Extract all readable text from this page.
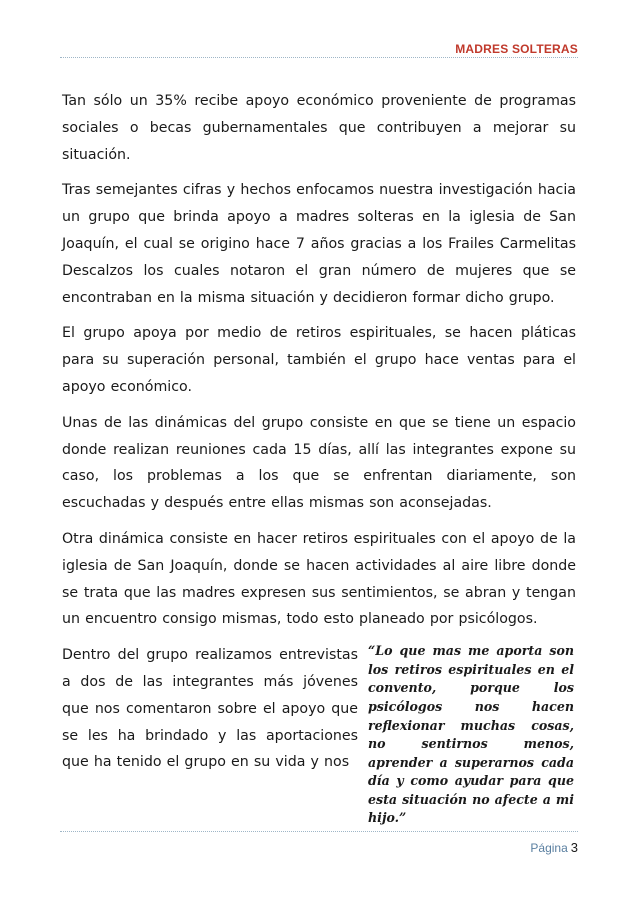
MADRES SOLTERAS

Tan sólo un 35% recibe apoyo económico proveniente de programas sociales o becas gubernamentales que contribuyen a mejorar su situación.

Tras semejantes cifras y hechos enfocamos nuestra investigación hacia un grupo que brinda apoyo a madres solteras en la iglesia de San Joaquín, el cual se origino hace 7 años gracias a los Frailes Carmelitas Descalzos los cuales notaron el gran número de mujeres que se encontraban en la misma situación y decidieron formar dicho grupo.

El grupo apoya por medio de retiros espirituales, se hacen pláticas para su superación personal, también el grupo hace ventas para el apoyo económico.

Unas de las dinámicas del grupo consiste en que se tiene un espacio donde realizan reuniones cada 15 días, allí las integrantes expone su caso, los problemas a los que se enfrentan diariamente, son escuchadas y después entre ellas mismas son aconsejadas.

Otra dinámica consiste en hacer retiros espirituales con el apoyo de la iglesia de San Joaquín, donde se hacen actividades al aire libre donde se trata que las madres expresen sus sentimientos, se abran y tengan un encuentro consigo mismas, todo esto planeado por psicólogos.

Dentro del grupo realizamos entrevistas a dos de las integrantes más jóvenes que nos comentaron sobre el apoyo que se les ha brindado y las aportaciones que ha tenido el grupo en su vida y nos
“Lo que mas me aporta son los retiros espirituales en el convento, porque los psicólogos nos hacen reflexionar muchas cosas, no sentirnos menos, aprender a superarnos cada día y como ayudar para que esta situación no afecte a mi hijo.”
Página 3
